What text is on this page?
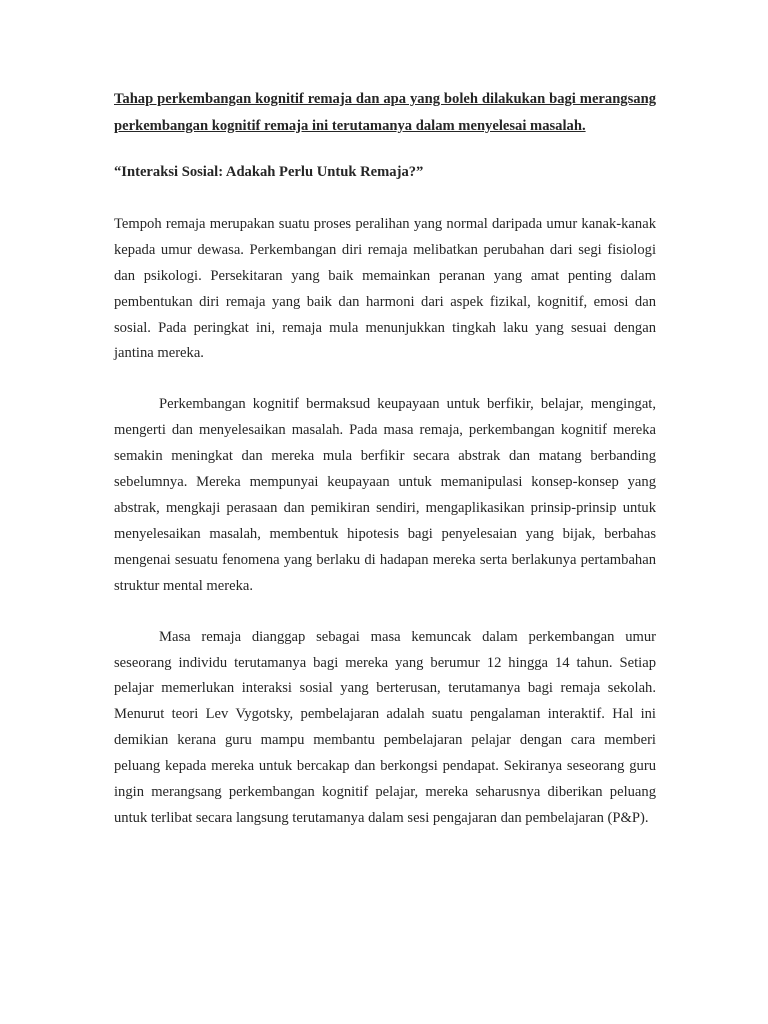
Tahap perkembangan kognitif remaja dan apa yang boleh dilakukan bagi merangsang perkembangan kognitif remaja ini terutamanya dalam menyelesai masalah.
“Interaksi Sosial: Adakah Perlu Untuk Remaja?”

Tempoh remaja merupakan suatu proses peralihan yang normal daripada umur kanak-kanak kepada umur dewasa. Perkembangan diri remaja melibatkan perubahan dari segi fisiologi dan psikologi. Persekitaran yang baik memainkan peranan yang amat penting dalam pembentukan diri remaja yang baik dan harmoni dari aspek fizikal, kognitif, emosi dan sosial. Pada peringkat ini, remaja mula menunjukkan tingkah laku yang sesuai dengan jantina mereka.

Perkembangan kognitif bermaksud keupayaan untuk berfikir, belajar, mengingat, mengerti dan menyelesaikan masalah. Pada masa remaja, perkembangan kognitif mereka semakin meningkat dan mereka mula berfikir secara abstrak dan matang berbanding sebelumnya. Mereka mempunyai keupayaan untuk memanipulasi konsep-konsep yang abstrak, mengkaji perasaan dan pemikiran sendiri, mengaplikasikan prinsip-prinsip untuk menyelesaikan masalah, membentuk hipotesis bagi penyelesaian yang bijak, berbahas mengenai sesuatu fenomena yang berlaku di hadapan mereka serta berlakunya pertambahan struktur mental mereka.

Masa remaja dianggap sebagai masa kemuncak dalam perkembangan umur seseorang individu terutamanya bagi mereka yang berumur 12 hingga 14 tahun. Setiap pelajar memerlukan interaksi sosial yang berterusan, terutamanya bagi remaja sekolah. Menurut teori Lev Vygotsky, pembelajaran adalah suatu pengalaman interaktif. Hal ini demikian kerana guru mampu membantu pembelajaran pelajar dengan cara memberi peluang kepada mereka untuk bercakap dan berkongsi pendapat. Sekiranya seseorang guru ingin merangsang perkembangan kognitif pelajar, mereka seharusnya diberikan peluang untuk terlibat secara langsung terutamanya dalam sesi pengajaran dan pembelajaran (P&P).
